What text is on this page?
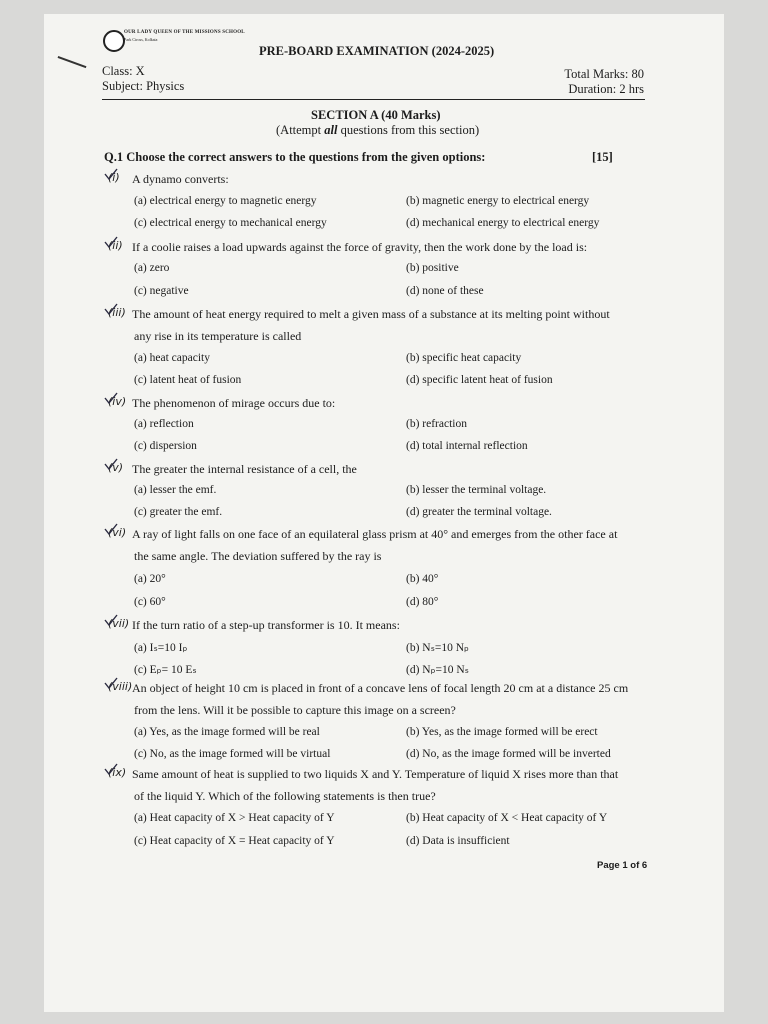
OUR LADY QUEEN OF THE MISSIONS SCHOOL
Park Circus, Kolkata
PRE-BOARD EXAMINATION (2024-2025)
Class: X
Subject: Physics
Total Marks: 80
Duration: 2 hrs
SECTION A (40 Marks)
(Attempt all questions from this section)
Q.1 Choose the correct answers to the questions from the given options:	[15]
(i) A dynamo converts:
(a) electrical energy to magnetic energy	(b) magnetic energy to electrical energy
(c) electrical energy to mechanical energy	(d) mechanical energy to electrical energy
(ii) If a coolie raises a load upwards against the force of gravity, then the work done by the load is:
(a) zero	(b) positive
(c) negative	(d) none of these
(iii) The amount of heat energy required to melt a given mass of a substance at its melting point without
any rise in its temperature is called
(a) heat capacity	(b) specific heat capacity
(c) latent heat of fusion	(d) specific latent heat of fusion
(iv) The phenomenon of mirage occurs due to:
(a) reflection	(b) refraction
(c) dispersion	(d) total internal reflection
(v) The greater the internal resistance of a cell, the
(a) lesser the emf.	(b) lesser the terminal voltage.
(c) greater the emf.	(d) greater the terminal voltage.
(vi) A ray of light falls on one face of an equilateral glass prism at 40° and emerges from the other face at
the same angle. The deviation suffered by the ray is
(a) 20°	(b) 40°
(c) 60°	(d) 80°
(vii) If the turn ratio of a step-up transformer is 10. It means:
(a) Iₛ=10 Iₚ	(b) Nₛ=10 Nₚ
(c) Eₚ= 10 Eₛ	(d) Nₚ=10 Nₛ
(viii) An object of height 10 cm is placed in front of a concave lens of focal length 20 cm at a distance 25 cm
from the lens. Will it be possible to capture this image on a screen?
(a) Yes, as the image formed will be real	(b) Yes, as the image formed will be erect
(c) No, as the image formed will be virtual	(d) No, as the image formed will be inverted
(ix) Same amount of heat is supplied to two liquids X and Y. Temperature of liquid X rises more than that
of the liquid Y. Which of the following statements is then true?
(a) Heat capacity of X > Heat capacity of Y	(b) Heat capacity of X < Heat capacity of Y
(c) Heat capacity of X = Heat capacity of Y	(d) Data is insufficient
Page 1 of 6
